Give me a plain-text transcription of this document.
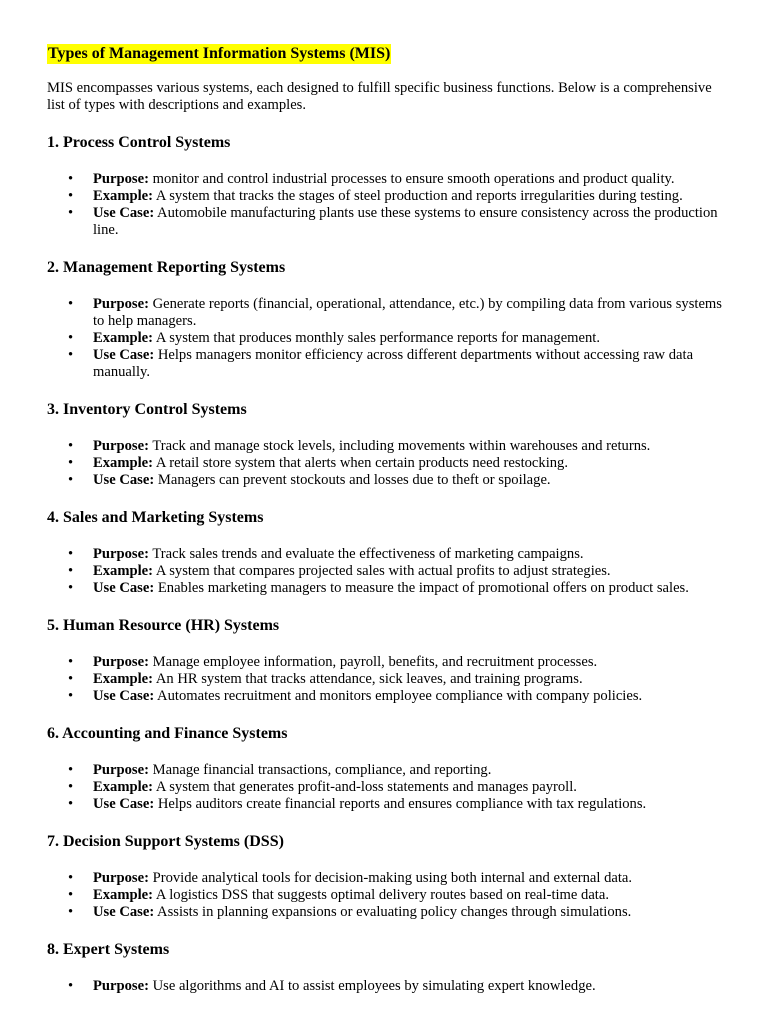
Types of Management Information Systems (MIS)

MIS encompasses various systems, each designed to fulfill specific business functions. Below is a comprehensive list of types with descriptions and examples.

1. Process Control Systems
• Purpose: monitor and control industrial processes to ensure smooth operations and product quality.
• Example: A system that tracks the stages of steel production and reports irregularities during testing.
• Use Case: Automobile manufacturing plants use these systems to ensure consistency across the production line.
2. Management Reporting Systems
• Purpose: Generate reports (financial, operational, attendance, etc.) by compiling data from various systems to help managers.
• Example: A system that produces monthly sales performance reports for management.
• Use Case: Helps managers monitor efficiency across different departments without accessing raw data manually.
3. Inventory Control Systems
• Purpose: Track and manage stock levels, including movements within warehouses and returns.
• Example: A retail store system that alerts when certain products need restocking.
• Use Case: Managers can prevent stockouts and losses due to theft or spoilage.
4. Sales and Marketing Systems
• Purpose: Track sales trends and evaluate the effectiveness of marketing campaigns.
• Example: A system that compares projected sales with actual profits to adjust strategies.
• Use Case: Enables marketing managers to measure the impact of promotional offers on product sales.
5. Human Resource (HR) Systems
• Purpose: Manage employee information, payroll, benefits, and recruitment processes.
• Example: An HR system that tracks attendance, sick leaves, and training programs.
• Use Case: Automates recruitment and monitors employee compliance with company policies.
6. Accounting and Finance Systems
• Purpose: Manage financial transactions, compliance, and reporting.
• Example: A system that generates profit-and-loss statements and manages payroll.
• Use Case: Helps auditors create financial reports and ensures compliance with tax regulations.
7. Decision Support Systems (DSS)
• Purpose: Provide analytical tools for decision-making using both internal and external data.
• Example: A logistics DSS that suggests optimal delivery routes based on real-time data.
• Use Case: Assists in planning expansions or evaluating policy changes through simulations.
8. Expert Systems
• Purpose: Use algorithms and AI to assist employees by simulating expert knowledge.
